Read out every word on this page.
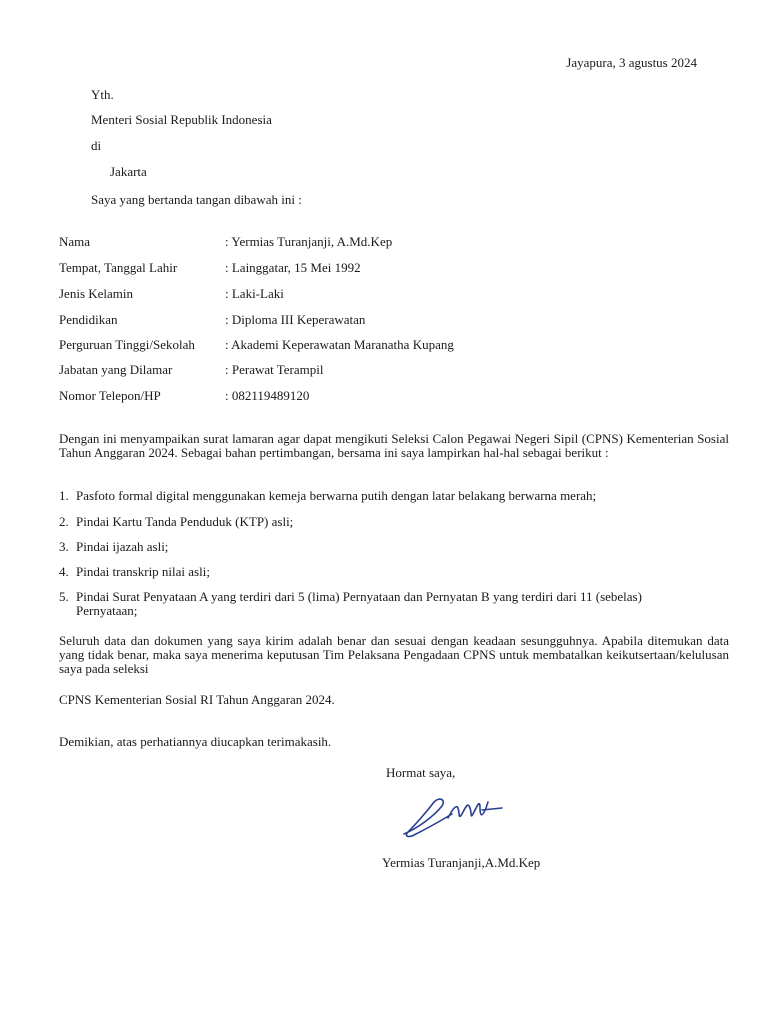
Jayapura, 3 agustus 2024
Yth.
Menteri Sosial Republik Indonesia
di
Jakarta
Saya yang bertanda tangan dibawah ini :
Nama	: Yermias Turanjanji, A.Md.Kep
Tempat, Tanggal Lahir	: Lainggatar, 15 Mei 1992
Jenis Kelamin	: Laki-Laki
Pendidikan	: Diploma III Keperawatan
Perguruan Tinggi/Sekolah : Akademi Keperawatan Maranatha Kupang
Jabatan yang Dilamar	: Perawat Terampil
Nomor Telepon/HP	: 082119489120
Dengan ini menyampaikan surat lamaran agar dapat mengikuti Seleksi Calon Pegawai Negeri Sipil (CPNS) Kementerian Sosial Tahun Anggaran 2024. Sebagai bahan pertimbangan, bersama ini saya lampirkan hal-hal sebagai berikut :
1. Pasfoto formal digital menggunakan kemeja berwarna putih dengan latar belakang berwarna merah;
2. Pindai Kartu Tanda Penduduk (KTP) asli;
3. Pindai ijazah asli;
4. Pindai transkrip nilai asli;
5. Pindai Surat Penyataan A yang terdiri dari 5 (lima) Pernyataan dan Pernyatan B yang terdiri dari 11 (sebelas) Pernyataan;
Seluruh data dan dokumen yang saya kirim adalah benar dan sesuai dengan keadaan sesungguhnya. Apabila ditemukan data yang tidak benar, maka saya menerima keputusan Tim Pelaksana Pengadaan CPNS untuk membatalkan keikutsertaan/kelulusan saya pada seleksi
CPNS Kementerian Sosial RI Tahun Anggaran 2024.
Demikian, atas perhatiannya diucapkan terimakasih.
Hormat saya,
Yermias Turanjanji,A.Md.Kep
